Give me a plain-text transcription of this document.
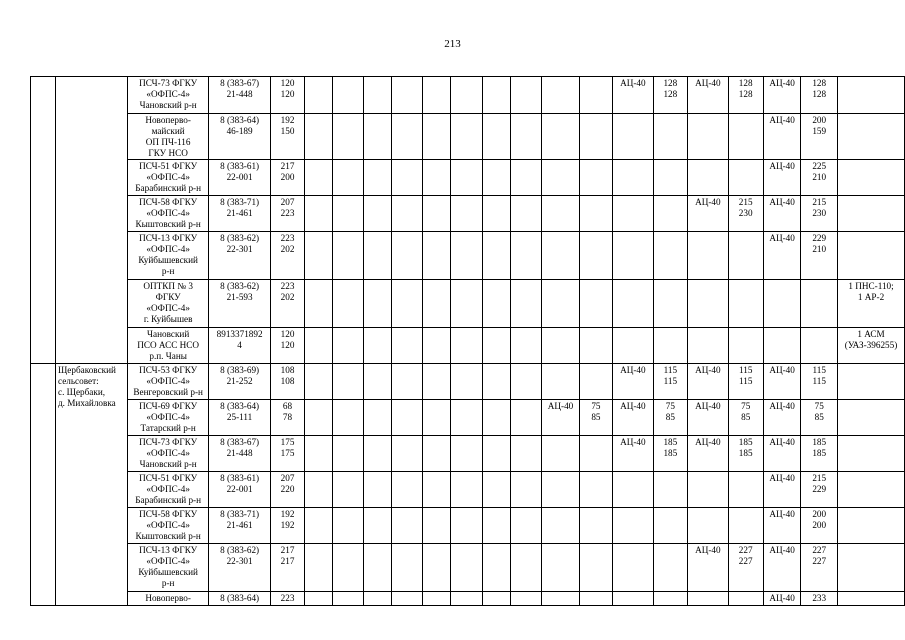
213

		ПСЧ-73 ФГКУ
«ОФПС-4»
Чановский р-н	8 (383-67)
21-448	120
120											АЦ-40	128
128	АЦ-40	128
128	АЦ-40	128
128	

		Новоперво-
майский
ОП ПЧ-116
ГКУ НСО	8 (383-64)
46-189	192
150															АЦ-40	200
159	

		ПСЧ-51 ФГКУ
«ОФПС-4»
Барабинский р-н	8 (383-61)
22-001	217
200															АЦ-40	225
210	

		ПСЧ-58 ФГКУ
«ОФПС-4»
Кыштовский р-н	8 (383-71)
21-461	207
223													АЦ-40	215
230	АЦ-40	215
230	

		ПСЧ-13 ФГКУ
«ОФПС-4»
Куйбышевский
р-н	8 (383-62)
22-301	223
202															АЦ-40	229
210	

		ОПТКП № 3
ФГКУ
«ОФПС-4»
г. Куйбышев	8 (383-62)
21-593	223
202																	1 ПНС-110;
1 АР-2

		Чановский
ПСО АСС НСО
р.п. Чаны	8913371892
4	120
120																	1 АСМ
(УАЗ-396255)

	Щербаковский
сельсовет:
с. Щербаки,
д. Михайловка	ПСЧ-53 ФГКУ
«ОФПС-4»
Венгеровский р-н	8 (383-69)
21-252	108
108											АЦ-40	115
115	АЦ-40	115
115	АЦ-40	115
115	

		ПСЧ-69 ФГКУ
«ОФПС-4»
Татарский р-н	8 (383-64)
25-111	68
78									АЦ-40	75
85	АЦ-40	75
85	АЦ-40	75
85	АЦ-40	75
85	

		ПСЧ-73 ФГКУ
«ОФПС-4»
Чановский р-н	8 (383-67)
21-448	175
175											АЦ-40	185
185	АЦ-40	185
185	АЦ-40	185
185	

		ПСЧ-51 ФГКУ
«ОФПС-4»
Барабинский р-н	8 (383-61)
22-001	207
220															АЦ-40	215
229	

		ПСЧ-58 ФГКУ
«ОФПС-4»
Кыштовский р-н	8 (383-71)
21-461	192
192															АЦ-40	200
200	

		ПСЧ-13 ФГКУ
«ОФПС-4»
Куйбышевский
р-н	8 (383-62)
22-301	217
217													АЦ-40	227
227	АЦ-40	227
227	

		Новоперво-	8 (383-64)	223															АЦ-40	233	
